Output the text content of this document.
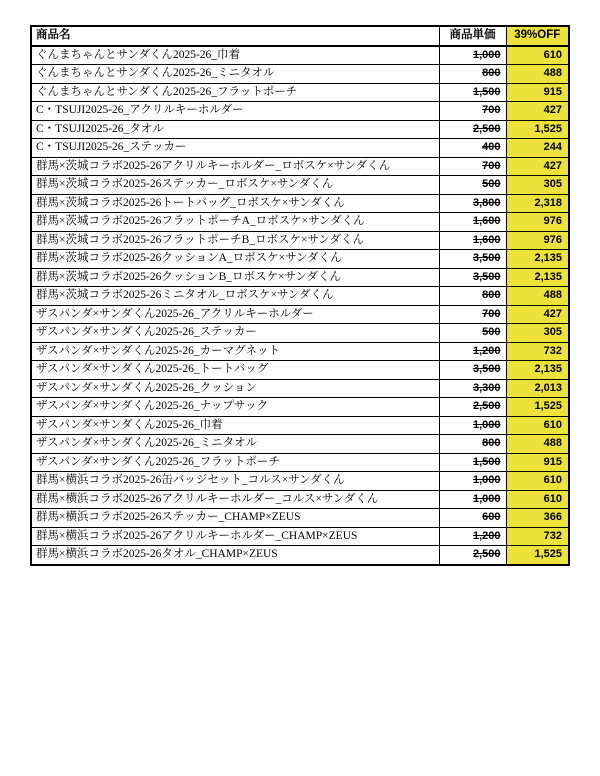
商品名	商品単価	39%OFF
ぐんまちゃんとサンダくん2025-26_巾着	1,000	610
ぐんまちゃんとサンダくん2025-26_ミニタオル	800	488
ぐんまちゃんとサンダくん2025-26_フラットポーチ	1,500	915
C・TSUJI2025-26_アクリルキーホルダー	700	427
C・TSUJI2025-26_タオル	2,500	1,525
C・TSUJI2025-26_ステッカー	400	244
群馬×茨城コラボ2025-26アクリルキーホルダー_ロボスケ×サンダくん	700	427
群馬×茨城コラボ2025-26ステッカー_ロボスケ×サンダくん	500	305
群馬×茨城コラボ2025-26トートバッグ_ロボスケ×サンダくん	3,800	2,318
群馬×茨城コラボ2025-26フラットポーチA_ロボスケ×サンダくん	1,600	976
群馬×茨城コラボ2025-26フラットポーチB_ロボスケ×サンダくん	1,600	976
群馬×茨城コラボ2025-26クッションA_ロボスケ×サンダくん	3,500	2,135
群馬×茨城コラボ2025-26クッションB_ロボスケ×サンダくん	3,500	2,135
群馬×茨城コラボ2025-26ミニタオル_ロボスケ×サンダくん	800	488
ザスパンダ×サンダくん2025-26_アクリルキーホルダー	700	427
ザスパンダ×サンダくん2025-26_ステッカー	500	305
ザスパンダ×サンダくん2025-26_カーマグネット	1,200	732
ザスパンダ×サンダくん2025-26_トートバッグ	3,500	2,135
ザスパンダ×サンダくん2025-26_クッション	3,300	2,013
ザスパンダ×サンダくん2025-26_ナップサック	2,500	1,525
ザスパンダ×サンダくん2025-26_巾着	1,000	610
ザスパンダ×サンダくん2025-26_ミニタオル	800	488
ザスパンダ×サンダくん2025-26_フラットポーチ	1,500	915
群馬×横浜コラボ2025-26缶バッジセット_コルス×サンダくん	1,000	610
群馬×横浜コラボ2025-26アクリルキーホルダー_コルス×サンダくん	1,000	610
群馬×横浜コラボ2025-26ステッカー_CHAMP×ZEUS	600	366
群馬×横浜コラボ2025-26アクリルキーホルダー_CHAMP×ZEUS	1,200	732
群馬×横浜コラボ2025-26タオル_CHAMP×ZEUS	2,500	1,525
